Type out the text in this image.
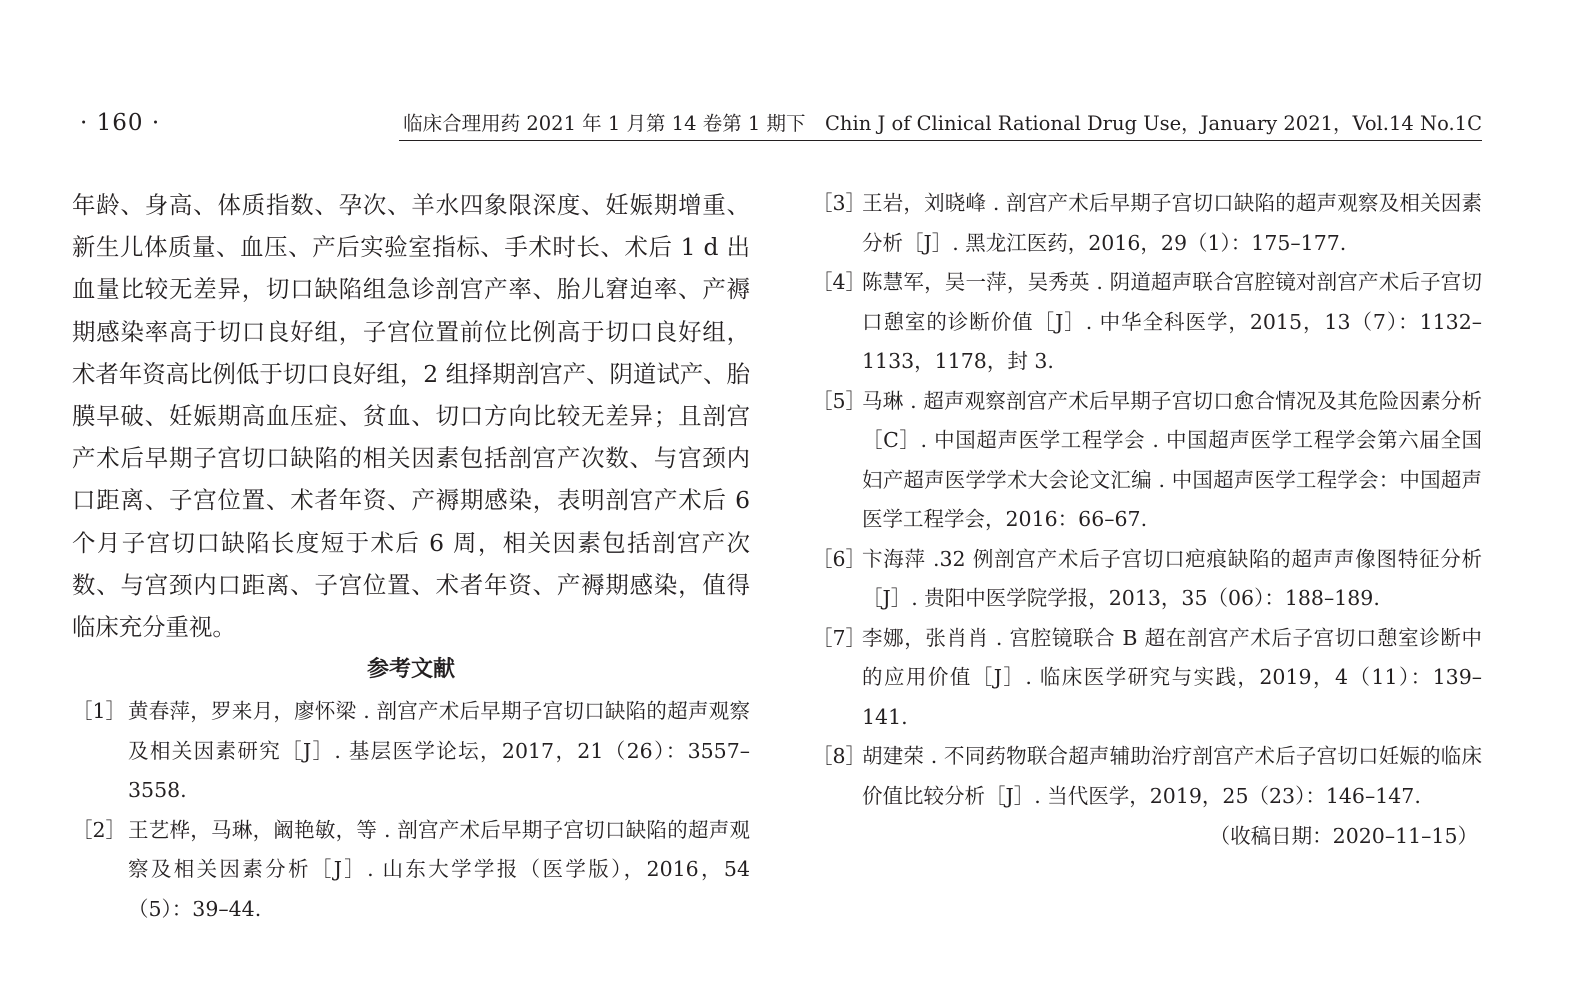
· 160 ·	临床合理用药 2021 年 1 月第 14 卷第 1 期下　Chin J of Clinical Rational Drug Use，January 2021，Vol.14 No.1C

年龄、身高、体质指数、孕次、羊水四象限深度、妊娠期增重、新生儿体质量、血压、产后实验室指标、手术时长、术后 1 d 出血量比较无差异，切口缺陷组急诊剖宫产率、胎儿窘迫率、产褥期感染率高于切口良好组，子宫位置前位比例高于切口良好组，术者年资高比例低于切口良好组，2 组择期剖宫产、阴道试产、胎膜早破、妊娠期高血压症、贫血、切口方向比较无差异；且剖宫产术后早期子宫切口缺陷的相关因素包括剖宫产次数、与宫颈内口距离、子宫位置、术者年资、产褥期感染，表明剖宫产术后 6 个月子宫切口缺陷长度短于术后 6 周，相关因素包括剖宫产次数、与宫颈内口距离、子宫位置、术者年资、产褥期感染，值得临床充分重视。

参考文献
［1］ 黄春萍，罗来月，廖怀梁 . 剖宫产术后早期子宫切口缺陷的超声观察及相关因素研究［J］. 基层医学论坛，2017，21（26）：3557–3558.
［2］ 王艺桦，马琳，阚艳敏，等 . 剖宫产术后早期子宫切口缺陷的超声观察及相关因素分析［J］. 山东大学学报（医学版），2016，54（5）：39–44.
［3］
王岩，刘晓峰 . 剖宫产术后早期子宫切口缺陷的超声观察及相关因素分析［J］. 黑龙江医药，2016，29（1）：175–177.
［4］
陈慧军，吴一萍，吴秀英 . 阴道超声联合宫腔镜对剖宫产术后子宫切口憩室的诊断价值［J］. 中华全科医学，2015，13（7）：1132–1133，1178，封 3.
［5］
马琳 . 超声观察剖宫产术后早期子宫切口愈合情况及其危险因素分析［C］. 中国超声医学工程学会 . 中国超声医学工程学会第六届全国妇产超声医学学术大会论文汇编 . 中国超声医学工程学会：中国超声医学工程学会，2016：66–67.
［6］
卞海萍 .32 例剖宫产术后子宫切口疤痕缺陷的超声声像图特征分析［J］. 贵阳中医学院学报，2013，35（06）：188–189.
［7］
李娜，张肖肖 . 宫腔镜联合 B 超在剖宫产术后子宫切口憩室诊断中的应用价值［J］. 临床医学研究与实践，2019，4（11）：139–141.
［8］
胡建荣 . 不同药物联合超声辅助治疗剖宫产术后子宫切口妊娠的临床价值比较分析［J］. 当代医学，2019，25（23）：146–147.
（收稿日期：2020–11–15）
